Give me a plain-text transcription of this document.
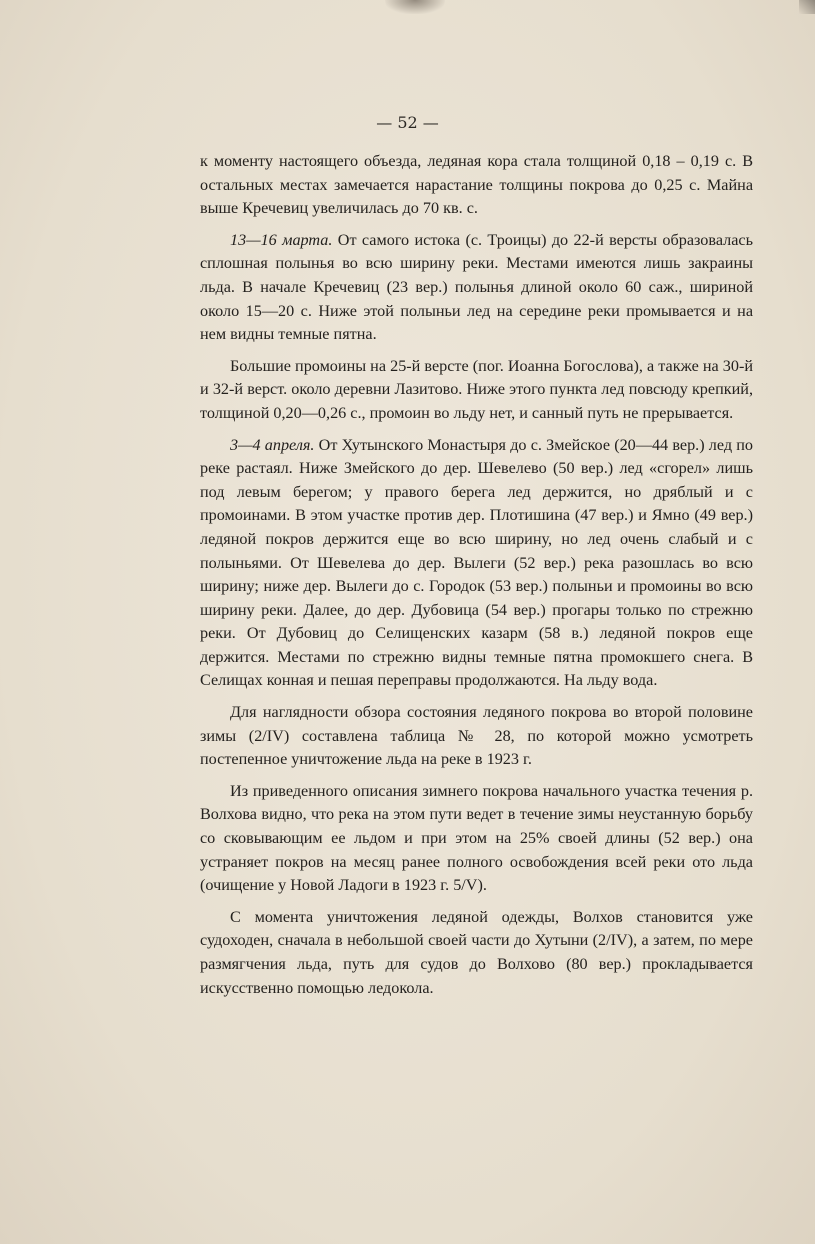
— 52 —

к моменту настоящего объезда, ледяная кора стала толщиной 0,18 – 0,19 с. В остальных местах замечается нарастание толщины покрова до 0,25 с. Майна выше Кречевиц увеличилась до 70 кв. с.

13—16 марта. От самого истока (с. Троицы) до 22-й версты образовалась сплошная полынья во всю ширину реки. Местами имеются лишь закраины льда. В начале Кречевиц (23 вер.) полынья длиной около 60 саж., шириной около 15—20 с. Ниже этой полыньи лед на середине реки промывается и на нем видны темные пятна.

Большие промоины на 25-й версте (пог. Иоанна Богослова), а также на 30-й и 32-й верст. около деревни Лазитово. Ниже этого пункта лед повсюду крепкий, толщиной 0,20—0,26 с., промоин во льду нет, и санный путь не прерывается.

3—4 апреля. От Хутынского Монастыря до с. Змейское (20—44 вер.) лед по реке растаял. Ниже Змейского до дер. Шевелево (50 вер.) лед «сгорел» лишь под левым берегом; у правого берега лед держится, но дряблый и с промоинами. В этом участке против дер. Плотишина (47 вер.) и Ямно (49 вер.) ледяной покров держится еще во всю ширину, но лед очень слабый и с полыньями. От Шевелева до дер. Вылеги (52 вер.) река разошлась во всю ширину; ниже дер. Вылеги до с. Городок (53 вер.) полыньи и промоины во всю ширину реки. Далее, до дер. Дубовица (54 вер.) прогары только по стрежню реки. От Дубовиц до Селищенских казарм (58 в.) ледяной покров еще держится. Местами по стрежню видны темные пятна промокшего снега. В Селищах конная и пешая переправы продолжаются. На льду вода.

Для наглядности обзора состояния ледяного покрова во второй половине зимы (2/IV) составлена таблица № 28, по которой можно усмотреть постепенное уничтожение льда на реке в 1923 г.

Из приведенного описания зимнего покрова начального участка течения р. Волхова видно, что река на этом пути ведет в течение зимы неустанную борьбу со сковывающим ее льдом и при этом на 25% своей длины (52 вер.) она устраняет покров на месяц ранее полного освобождения всей реки ото льда (очищение у Новой Ладоги в 1923 г. 5/V).

С момента уничтожения ледяной одежды, Волхов становится уже судоходен, сначала в небольшой своей части до Хутыни (2/IV), а затем, по мере размягчения льда, путь для судов до Волхово (80 вер.) прокладывается искусственно помощью ледокола.
